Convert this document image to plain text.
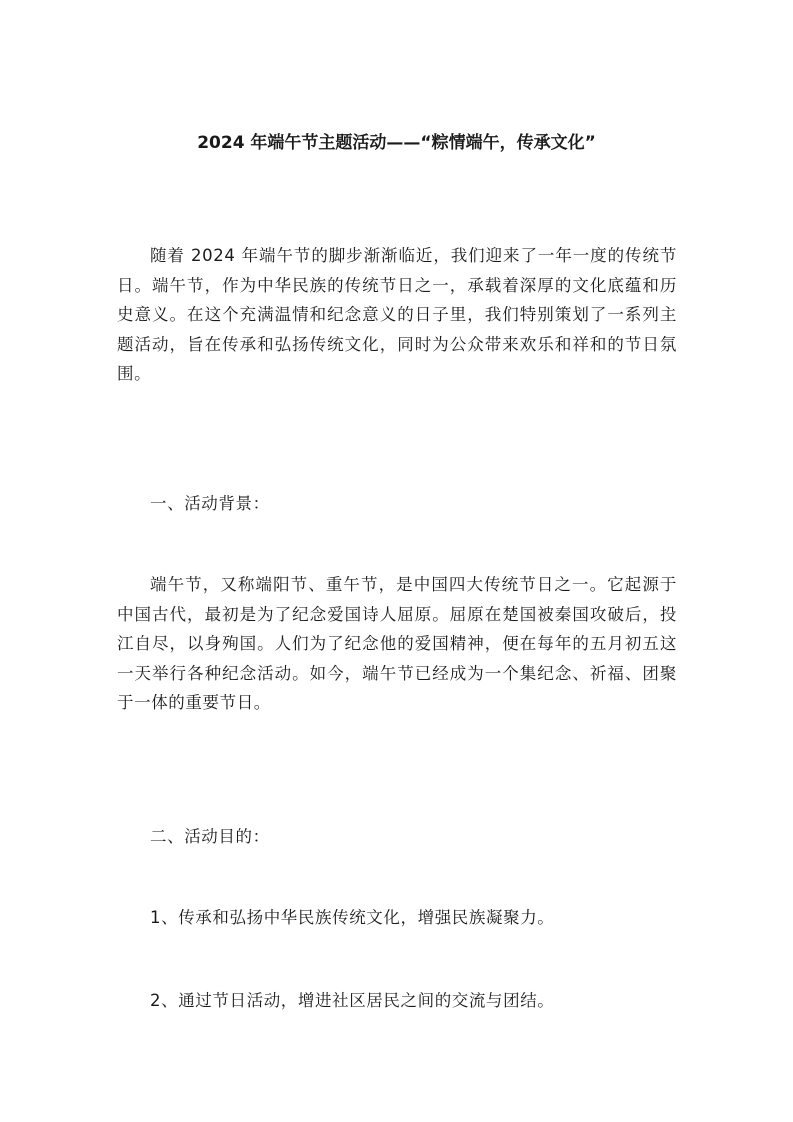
2024 年端午节主题活动——“粽情端午，传承文化”
随着 2024 年端午节的脚步渐渐临近，我们迎来了一年一度的传统节日。端午节，作为中华民族的传统节日之一，承载着深厚的文化底蕴和历史意义。在这个充满温情和纪念意义的日子里，我们特别策划了一系列主题活动，旨在传承和弘扬传统文化，同时为公众带来欢乐和祥和的节日氛围。
一、活动背景：
端午节，又称端阳节、重午节，是中国四大传统节日之一。它起源于中国古代，最初是为了纪念爱国诗人屈原。屈原在楚国被秦国攻破后，投江自尽，以身殉国。人们为了纪念他的爱国精神，便在每年的五月初五这一天举行各种纪念活动。如今，端午节已经成为一个集纪念、祈福、团聚于一体的重要节日。
二、活动目的：
1、传承和弘扬中华民族传统文化，增强民族凝聚力。
2、通过节日活动，增进社区居民之间的交流与团结。
